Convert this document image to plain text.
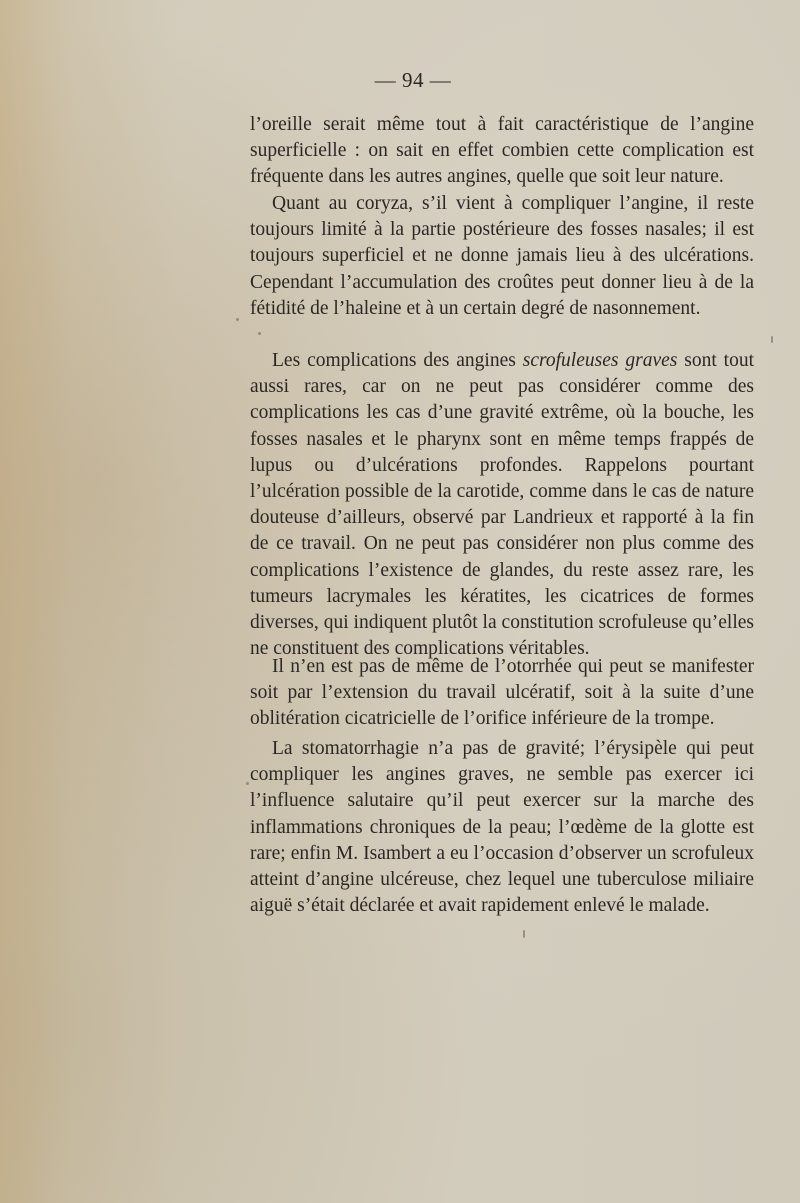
— 94 —

l’oreille serait même tout à fait caractéristique de l’angine superficielle : on sait en effet combien cette complication est fréquente dans les autres angines, quelle que soit leur nature.

Quant au coryza, s’il vient à compliquer l’angine, il reste toujours limité à la partie postérieure des fosses nasales; il est toujours superficiel et ne donne jamais lieu à des ulcérations. Cependant l’accumulation des croûtes peut donner lieu à de la fétidité de l’haleine et à un certain degré de nasonnement.

Les complications des angines scrofuleuses graves sont tout aussi rares, car on ne peut pas considérer comme des complications les cas d’une gravité extrême, où la bouche, les fosses nasales et le pharynx sont en même temps frappés de lupus ou d’ulcérations profondes. Rappelons pourtant l’ulcération possible de la carotide, comme dans le cas de nature douteuse d’ailleurs, observé par Landrieux et rapporté à la fin de ce travail. On ne peut pas considérer non plus comme des complications l’existence de glandes, du reste assez rare, les tumeurs lacrymales les kératites, les cicatrices de formes diverses, qui indiquent plutôt la constitution scrofuleuse qu’elles ne constituent des complications véritables.

Il n’en est pas de même de l’otorrhée qui peut se manifester soit par l’extension du travail ulcératif, soit à la suite d’une oblitération cicatricielle de l’orifice inférieure de la trompe.

La stomatorrhagie n’a pas de gravité; l’érysipèle qui peut compliquer les angines graves, ne semble pas exercer ici l’influence salutaire qu’il peut exercer sur la marche des inflammations chroniques de la peau; l’œdème de la glotte est rare; enfin M. Isambert a eu l’occasion d’observer un scrofuleux atteint d’angine ulcéreuse, chez lequel une tuberculose miliaire aiguë s’était déclarée et avait rapidement enlevé le malade.
